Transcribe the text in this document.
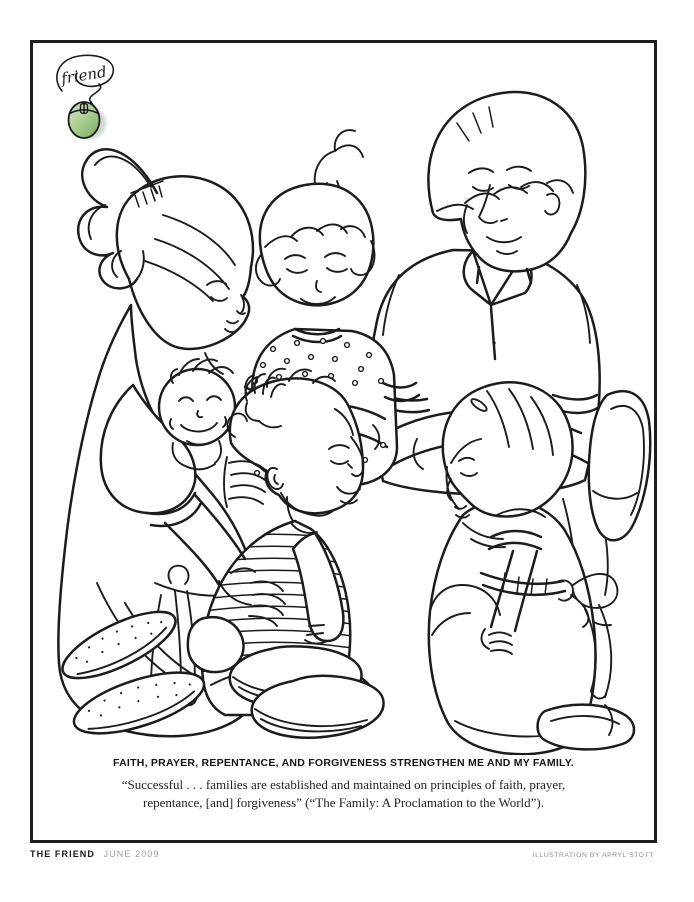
friend

FAITH, PRAYER, REPENTANCE, AND FORGIVENESS STRENGTHEN ME AND MY FAMILY.

“Successful . . . families are established and maintained on principles of faith, prayer,
repentance, [and] forgiveness” (“The Family: A Proclamation to the World”).

THE FRIEND JUNE 2009	ILLUSTRATION BY APRYL STOTT
